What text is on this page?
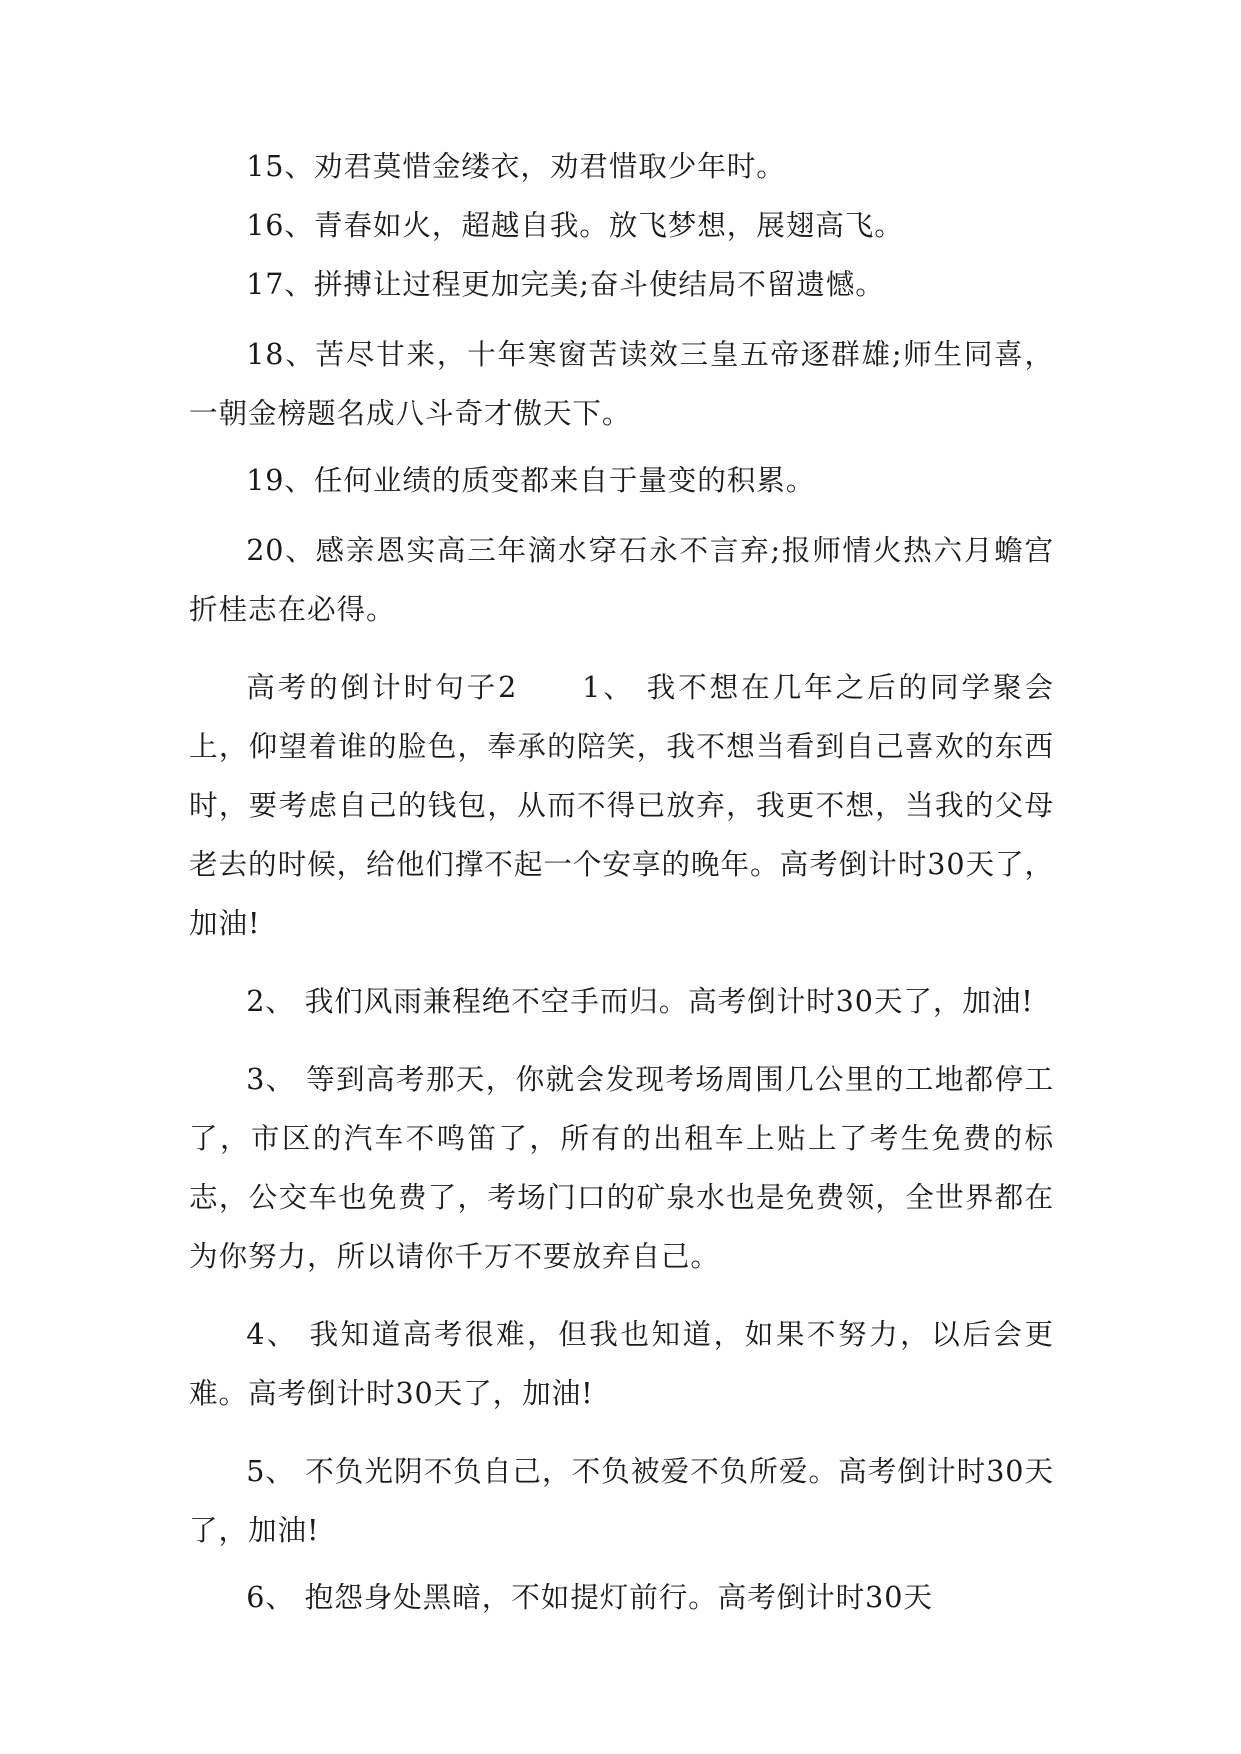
15、劝君莫惜金缕衣，劝君惜取少年时。

16、青春如火，超越自我。放飞梦想，展翅高飞。

17、拼搏让过程更加完美;奋斗使结局不留遗憾。

18、苦尽甘来，十年寒窗苦读效三皇五帝逐群雄;师生同喜，一朝金榜题名成八斗奇才傲天下。

19、任何业绩的质变都来自于量变的积累。

20、感亲恩实高三年滴水穿石永不言弃;报师情火热六月蟾宫折桂志在必得。

高考的倒计时句子2　　1、 我不想在几年之后的同学聚会上，仰望着谁的脸色，奉承的陪笑，我不想当看到自己喜欢的东西时，要考虑自己的钱包，从而不得已放弃，我更不想，当我的父母老去的时候，给他们撑不起一个安享的晚年。高考倒计时30天了，加油!

2、 我们风雨兼程绝不空手而归。高考倒计时30天了，加油!

3、 等到高考那天，你就会发现考场周围几公里的工地都停工了，市区的汽车不鸣笛了，所有的出租车上贴上了考生免费的标志，公交车也免费了，考场门口的矿泉水也是免费领，全世界都在为你努力，所以请你千万不要放弃自己。

4、 我知道高考很难，但我也知道，如果不努力，以后会更难。高考倒计时30天了，加油!

5、 不负光阴不负自己，不负被爱不负所爱。高考倒计时30天了，加油!

6、 抱怨身处黑暗，不如提灯前行。高考倒计时30天
